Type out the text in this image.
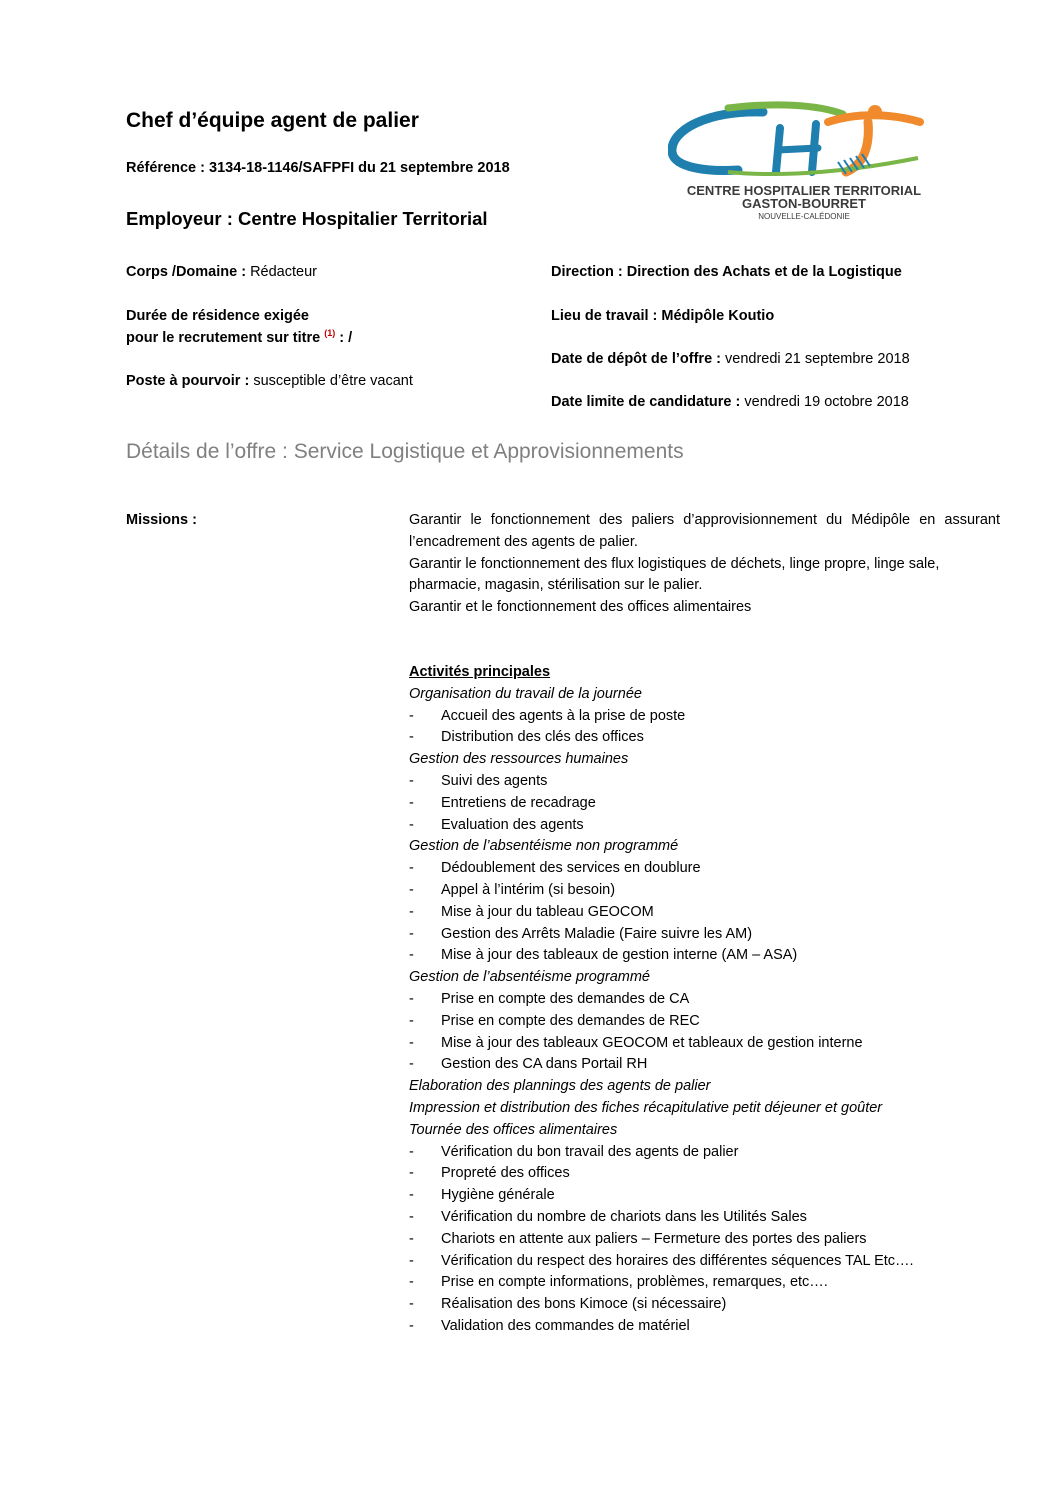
Chef d’équipe agent de palier
Référence : 3134-18-1146/SAFPFI du 21 septembre 2018
Employeur : Centre Hospitalier Territorial
CENTRE HOSPITALIER TERRITORIAL
GASTON-BOURRET
NOUVELLE-CALÉDONIE
Corps /Domaine : Rédacteur
Durée de résidence exigée
pour le recrutement sur titre $^{(1)}$ : /
Poste à pourvoir : susceptible d’être vacant
Direction : Direction des Achats et de la Logistique
Lieu de travail : Médipôle Koutio
Date de dépôt de l’offre : vendredi 21 septembre 2018
Date limite de candidature : vendredi 19 octobre 2018
Détails de l’offre : Service Logistique et Approvisionnements
Missions :	Garantir le fonctionnement des paliers d’approvisionnement du Médipôle en assurant l’encadrement des agents de palier.

Garantir le fonctionnement des flux logistiques de déchets, linge propre, linge sale,

pharmacie, magasin, stérilisation sur le palier.

Garantir et le fonctionnement des offices alimentaires

Activités principales
Organisation du travail de la journée
- Accueil des agents à la prise de poste
- Distribution des clés des offices
Gestion des ressources humaines
- Suivi des agents
- Entretiens de recadrage
- Evaluation des agents
Gestion de l’absentéisme non programmé
- Dédoublement des services en doublure
- Appel à l’intérim (si besoin)
- Mise à jour du tableau GEOCOM
- Gestion des Arrêts Maladie (Faire suivre les AM)
- Mise à jour des tableaux de gestion interne (AM – ASA)
Gestion de l’absentéisme programmé
- Prise en compte des demandes de CA
- Prise en compte des demandes de REC
- Mise à jour des tableaux GEOCOM et tableaux de gestion interne
- Gestion des CA dans Portail RH
Elaboration des plannings des agents de palier
Impression et distribution des fiches récapitulative petit déjeuner et goûter
Tournée des offices alimentaires
- Vérification du bon travail des agents de palier
- Propreté des offices
- Hygiène générale
- Vérification du nombre de chariots dans les Utilités Sales
- Chariots en attente aux paliers – Fermeture des portes des paliers
- Vérification du respect des horaires des différentes séquences TAL Etc….
- Prise en compte informations, problèmes, remarques, etc….
- Réalisation des bons Kimoce (si nécessaire)
- Validation des commandes de matériel
